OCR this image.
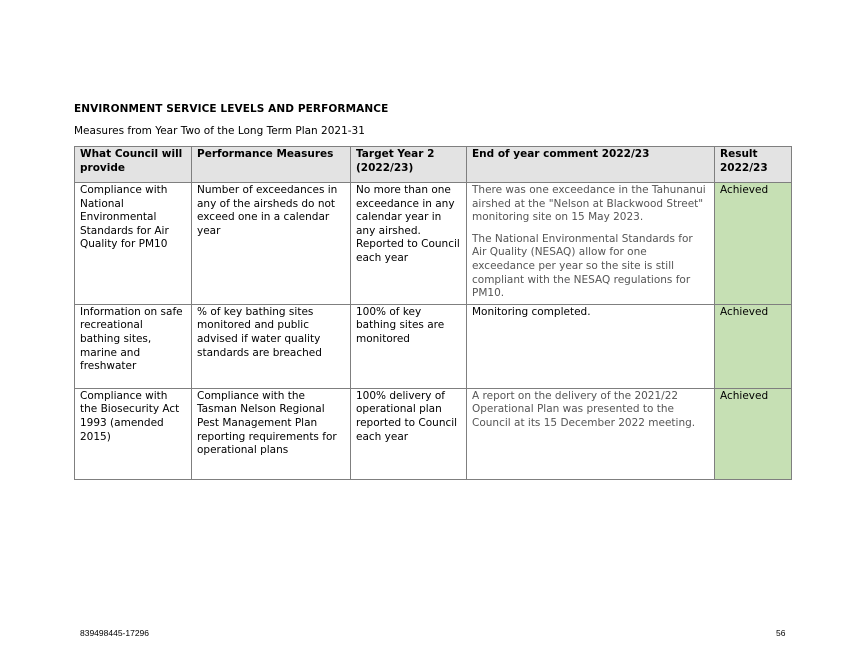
ENVIRONMENT SERVICE LEVELS AND PERFORMANCE
Measures from Year Two of the Long Term Plan 2021-31
What Council will provide	Performance Measures	Target Year 2 (2022/23)	End of year comment 2022/23	Result 2022/23
Compliance with National Environmental Standards for Air Quality for PM10	Number of exceedances in any of the airsheds do not exceed one in a calendar year	No more than one exceedance in any calendar year in any airshed. Reported to Council each year	There was one exceedance in the Tahunanui airshed at the "Nelson at Blackwood Street" monitoring site on 15 May 2023.

The National Environmental Standards for Air Quality (NESAQ) allow for one exceedance per year so the site is still compliant with the NESAQ regulations for PM10.	Achieved
Information on safe recreational bathing sites, marine and freshwater	% of key bathing sites monitored and public advised if water quality standards are breached	100% of key bathing sites are monitored	Monitoring completed.	Achieved
Compliance with the Biosecurity Act 1993 (amended 2015)	Compliance with the Tasman Nelson Regional Pest Management Plan reporting requirements for operational plans	100% delivery of operational plan reported to Council each year	A report on the delivery of the 2021/22 Operational Plan was presented to the Council at its 15 December 2022 meeting.	Achieved
839498445-17296	56
